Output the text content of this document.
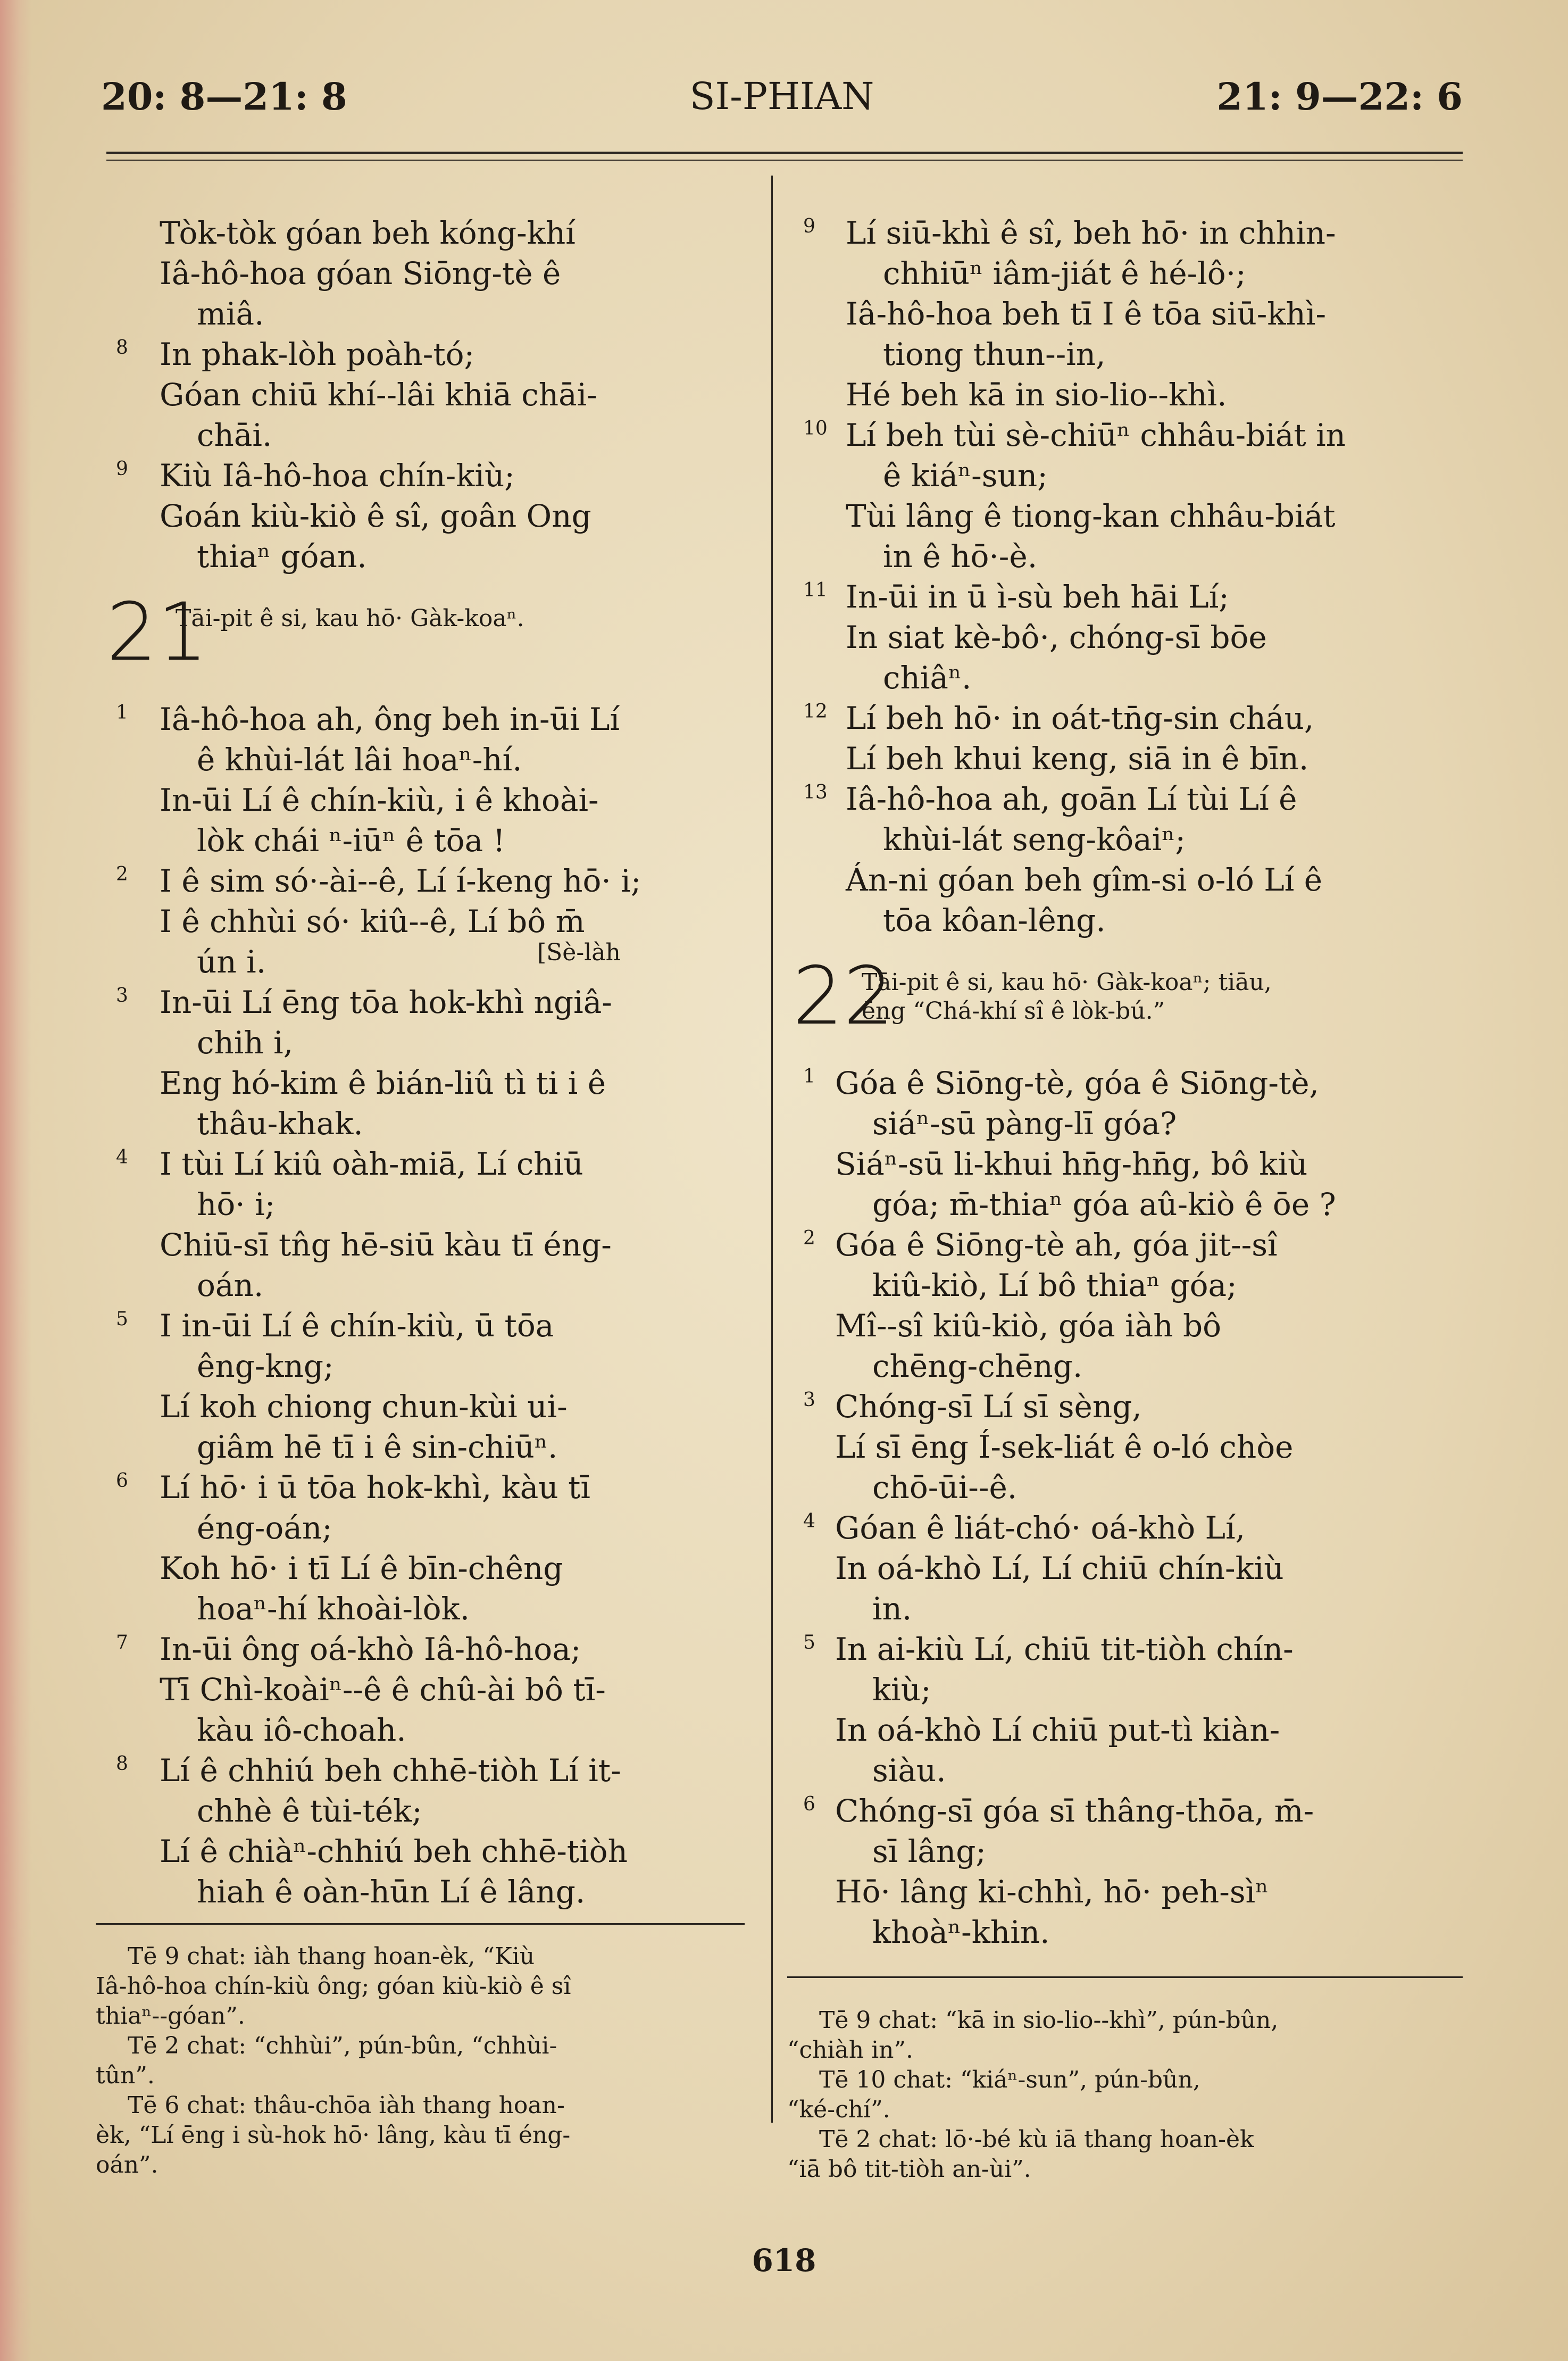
20: 8—21: 8	SI-PHIAN	21: 9—22: 6
Tòk-tòk góan beh kóng-khí
Iâ-hô-hoa góan Siōng-tè ê
miâ.
8 In phak-lòh poàh-tó;
Góan chiū khí--lâi khiā chāi-
chāi.
9 Kiù Iâ-hô-hoa chín-kiù;
Goán kiù-kiò ê sî, goân Ong
thiaⁿ góan.
21
Tāi-pit ê si, kau hō· Gàk-koaⁿ.
1 Iâ-hô-hoa ah, ông beh in-ūi Lí
ê khùi-lát lâi hoaⁿ-hí.
In-ūi Lí ê chín-kiù, i ê khoài-
lòk chái ⁿ-iūⁿ ê tōa !
2 I ê sim só·-ài--ê, Lí í-keng hō· i;
I ê chhùi só· kiû--ê, Lí bô m̄
ún i.
3 In-ūi Lí ēng tōa hok-khì ngiâ-
chih i,
Eng hó-kim ê bián-liû tì ti i ê
thâu-khak.
4 I tùi Lí kiû oàh-miā, Lí chiū
hō· i;
Chiū-sī tn̂g hē-siū kàu tī éng-
oán.
5 I in-ūi Lí ê chín-kiù, ū tōa
êng-kng;
Lí koh chiong chun-kùi ui-
giâm hē tī i ê sin-chiūⁿ.
6 Lí hō· i ū tōa hok-khì, kàu tī
éng-oán;
Koh hō· i tī Lí ê bīn-chêng
hoaⁿ-hí khoài-lòk.
7 In-ūi ông oá-khò Iâ-hô-hoa;
Tī Chì-koàiⁿ--ê ê chû-ài bô tī-
kàu iô-choah.
8 Lí ê chhiú beh chhē-tiòh Lí it-
chhè ê tùi-ték;
Lí ê chiàⁿ-chhiú beh chhē-tiòh
hiah ê oàn-hūn Lí ê lâng.
9 Lí siū-khì ê sî, beh hō· in chhin-
chhiūⁿ iâm-jiát ê hé-lô·;
Iâ-hô-hoa beh tī I ê tōa siū-khì-
tiong thun--in,
Hé beh kā in sio-lio--khì.
10 Lí beh tùi sè-chiūⁿ chhâu-biát in
ê kiáⁿ-sun;
Tùi lâng ê tiong-kan chhâu-biát
in ê hō·-è.
11 In-ūi in ū ì-sù beh hāi Lí;
In siat kè-bô·, chóng-sī bōe
chiâⁿ.
12 Lí beh hō· in oát-tn̄g-sin cháu,
Lí beh khui keng, siā in ê bīn.
13 Iâ-hô-hoa ah, goān Lí tùi Lí ê
khùi-lát seng-kôaiⁿ;
Án-ni góan beh gîm-si o-ló Lí ê
tōa kôan-lêng.
22
Tāi-pit ê si, kau hō· Gàk-koaⁿ; tiāu,
ēng “Chá-khí sî ê lòk-bú.”
1 Góa ê Siōng-tè, góa ê Siōng-tè,
siáⁿ-sū pàng-lī góa?
Siáⁿ-sū li-khui hn̄g-hn̄g, bô kiù
góa; m̄-thiaⁿ góa aû-kiò ê ōe ?
2 Góa ê Siōng-tè ah, góa jit--sî
kiû-kiò, Lí bô thiaⁿ góa;
Mî--sî kiû-kiò, góa iàh bô
chēng-chēng.
3 Chóng-sī Lí sī sèng,
Lí sī ēng Í-sek-liát ê o-ló chòe
chō-ūi--ê.
4 Góan ê liát-chó· oá-khò Lí,
In oá-khò Lí, Lí chiū chín-kiù
in.
5 In ai-kiù Lí, chiū tit-tiòh chín-
kiù;
In oá-khò Lí chiū put-tì kiàn-
siàu.
6 Chóng-sī góa sī thâng-thōa, m̄-
sī lâng;
Hō· lâng ki-chhì, hō· peh-sìⁿ
khoàⁿ-khin.
Tē 9 chat: iàh thang hoan-èk, “Kiù
Iâ-hô-hoa chín-kiù ông; góan kiù-kiò ê sî
thiaⁿ--góan”.
Tē 2 chat: “chhùi”, pún-bûn, “chhùi-
tûn”.
Tē 6 chat: thâu-chōa iàh thang hoan-
èk, “Lí ēng i sù-hok hō· lâng, kàu tī éng-
oán”.
Tē 9 chat: “kā in sio-lio--khì”, pún-bûn,
“chiàh in”.
Tē 10 chat: “kiáⁿ-sun”, pún-bûn,
“ké-chí”.
Tē 2 chat: lō·-bé kù iā thang hoan-èk
“iā bô tit-tiòh an-ùi”.
618
[Sè-làh
